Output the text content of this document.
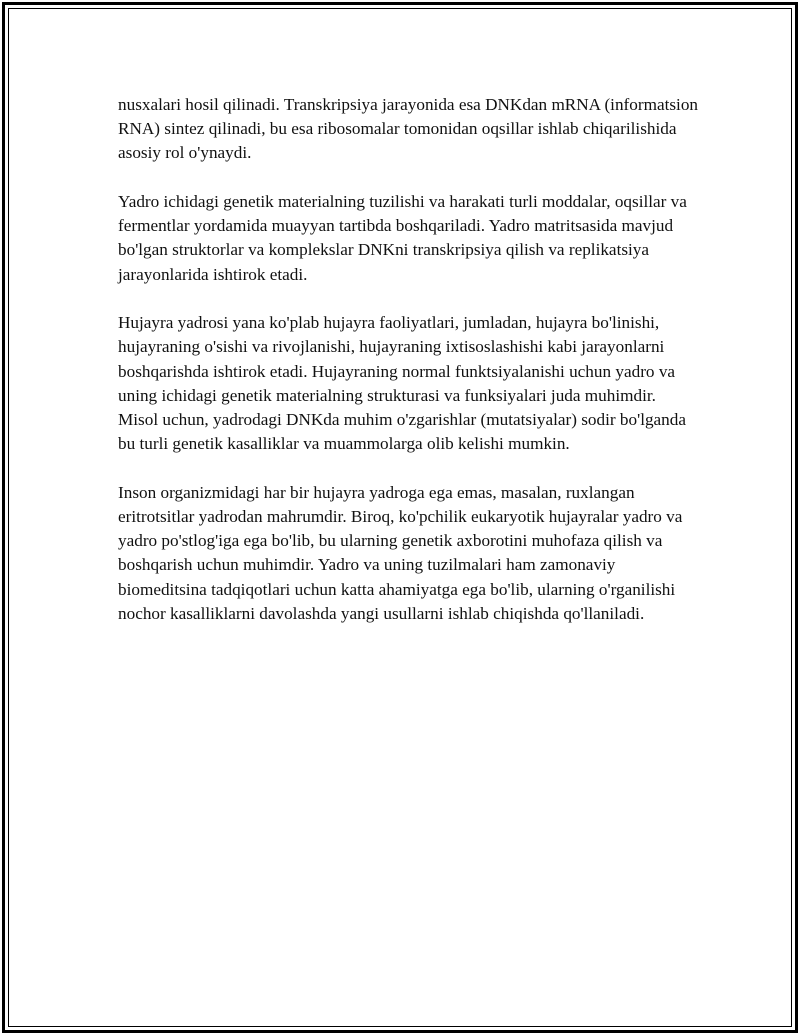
nusxalari hosil qilinadi. Transkripsiya jarayonida esa DNKdan mRNA (informatsion RNA) sintez qilinadi, bu esa ribosomalar tomonidan oqsillar ishlab chiqarilishida asosiy rol o'ynaydi.

Yadro ichidagi genetik materialning tuzilishi va harakati turli moddalar, oqsillar va fermentlar yordamida muayyan tartibda boshqariladi. Yadro matritsasida mavjud bo'lgan struktorlar va komplekslar DNKni transkripsiya qilish va replikatsiya jarayonlarida ishtirok etadi.

Hujayra yadrosi yana ko'plab hujayra faoliyatlari, jumladan, hujayra bo'linishi, hujayraning o'sishi va rivojlanishi, hujayraning ixtisoslashishi kabi jarayonlarni boshqarishda ishtirok etadi. Hujayraning normal funktsiyalanishi uchun yadro va uning ichidagi genetik materialning strukturasi va funksiyalari juda muhimdir. Misol uchun, yadrodagi DNKda muhim o'zgarishlar (mutatsiyalar) sodir bo'lganda bu turli genetik kasalliklar va muammolarga olib kelishi mumkin.

Inson organizmidagi har bir hujayra yadroga ega emas, masalan, ruxlangan eritrotsitlar yadrodan mahrumdir. Biroq, ko'pchilik eukaryotik hujayralar yadro va yadro po'stlog'iga ega bo'lib, bu ularning genetik axborotini muhofaza qilish va boshqarish uchun muhimdir. Yadro va uning tuzilmalari ham zamonaviy biomeditsina tadqiqotlari uchun katta ahamiyatga ega bo'lib, ularning o'rganilishi nochor kasalliklarni davolashda yangi usullarni ishlab chiqishda qo'llaniladi.
